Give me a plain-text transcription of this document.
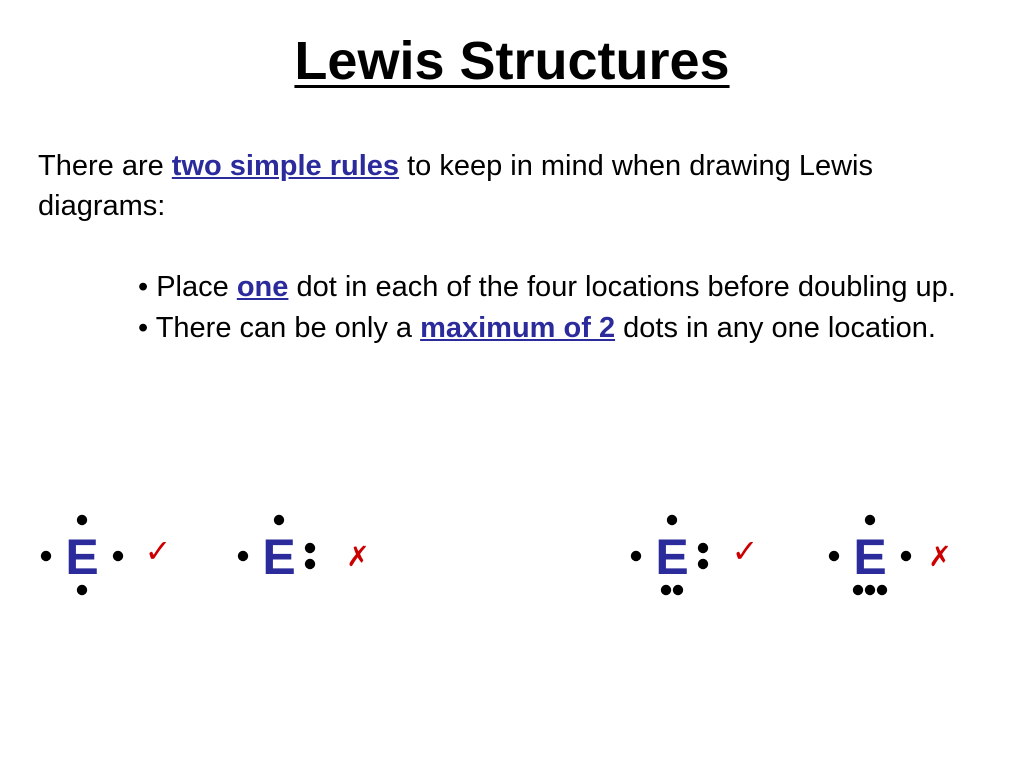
Lewis Structures
There are two simple rules to keep in mind when drawing Lewis diagrams:
• Place one dot in each of the four locations before doubling up.
• There can be only a maximum of 2 dots in any one location.
E ✓ E ✗	E ✓ E ✗
